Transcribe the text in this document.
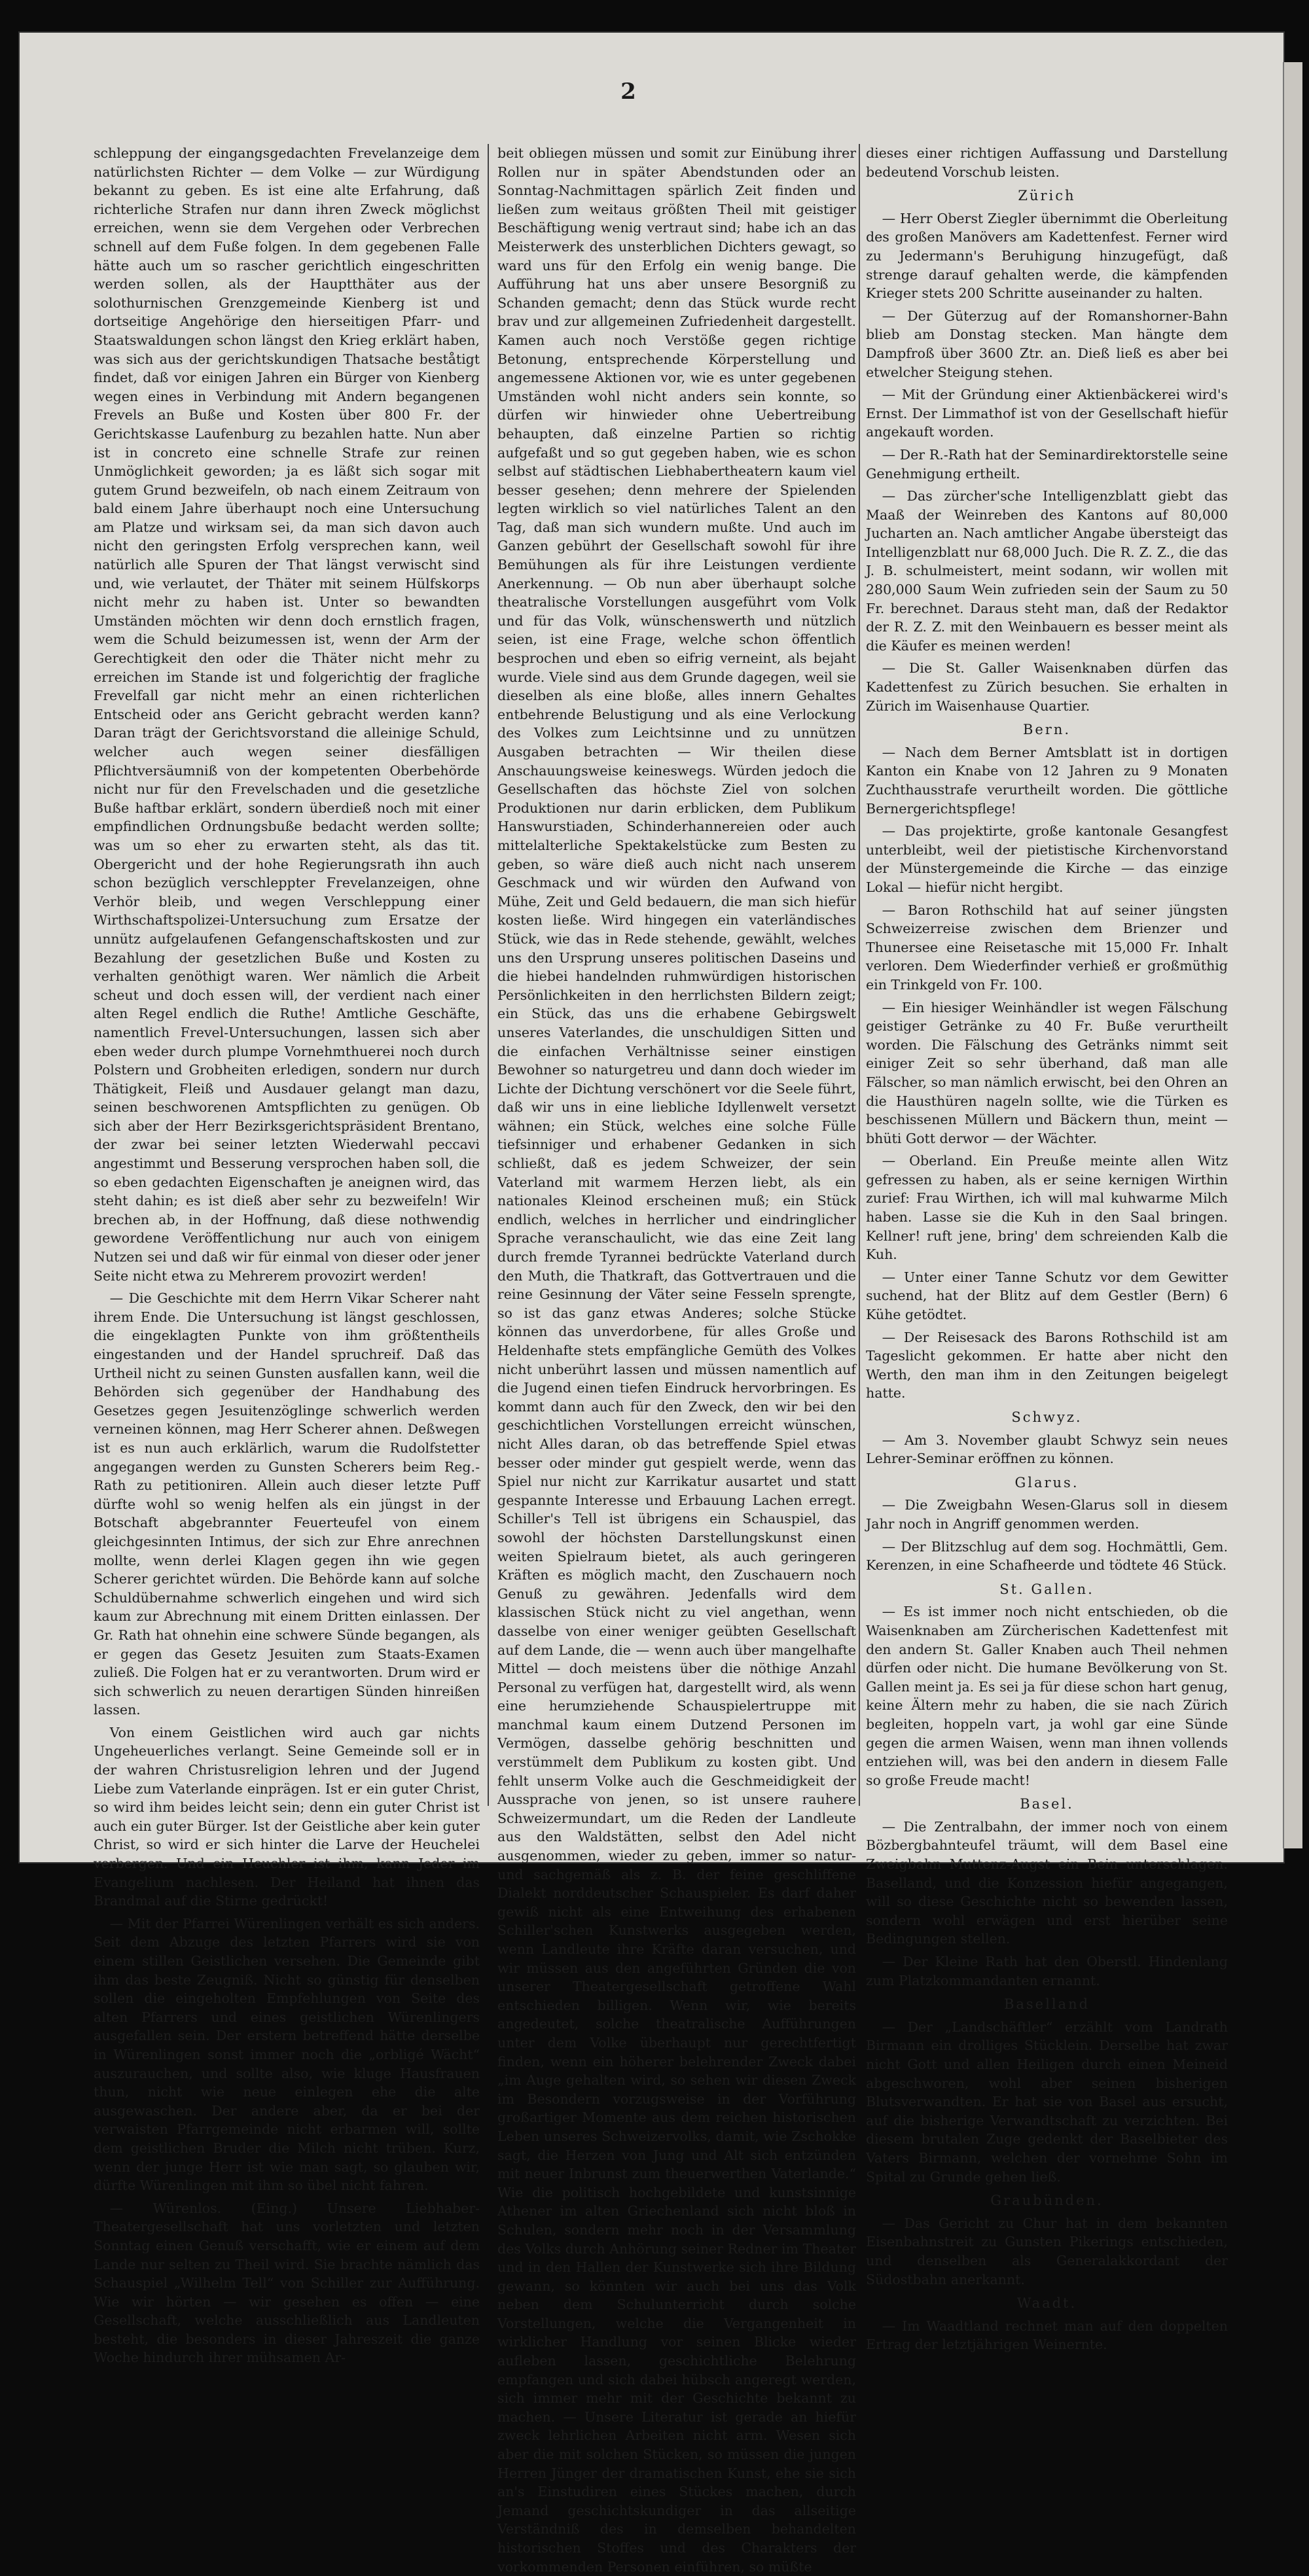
2

schleppung der eingangsgedachten Frevelanzeige dem natürlichsten Richter — dem Volke — zur Würdigung bekannt zu geben. Es ist eine alte Erfahrung, daß richterliche Strafen nur dann ihren Zweck möglichst erreichen, wenn sie dem Vergehen oder Verbrechen schnell auf dem Fuße folgen. In dem gegebenen Falle hätte auch um so rascher gerichtlich eingeschritten werden sollen, als der Hauptthäter aus der solothurnischen Grenzgemeinde Kienberg ist und dortseitige Angehörige den hierseitigen Pfarr- und Staatswaldungen schon längst den Krieg erklärt haben, was sich aus der gerichtskundigen Thatsache beståtigt findet, daß vor einigen Jahren ein Bürger von Kienberg wegen eines in Verbindung mit Andern begangenen Frevels an Buße und Kosten über 800 Fr. der Gerichtskasse Laufenburg zu bezahlen hatte. Nun aber ist in concreto eine schnelle Strafe zur reinen Unmöglichkeit geworden; ja es läßt sich sogar mit gutem Grund bezweifeln, ob nach einem Zeitraum von bald einem Jahre überhaupt noch eine Untersuchung am Platze und wirksam sei, da man sich davon auch nicht den geringsten Erfolg versprechen kann, weil natürlich alle Spuren der That längst verwischt sind und, wie verlautet, der Thäter mit seinem Hülfskorps nicht mehr zu haben ist. Unter so bewandten Umständen möchten wir denn doch ernstlich fragen, wem die Schuld beizumessen ist, wenn der Arm der Gerechtigkeit den oder die Thäter nicht mehr zu erreichen im Stande ist und folgerichtig der fragliche Frevelfall gar nicht mehr an einen richterlichen Entscheid oder ans Gericht gebracht werden kann? Daran trägt der Gerichtsvorstand die alleinige Schuld, welcher auch wegen seiner diesfälligen Pflichtversäumniß von der kompetenten Oberbehörde nicht nur für den Frevelschaden und die gesetzliche Buße haftbar erklärt, sondern überdieß noch mit einer empfindlichen Ordnungsbuße bedacht werden sollte; was um so eher zu erwarten steht, als das tit. Obergericht und der hohe Regierungsrath ihn auch schon bezüglich verschleppter Frevelanzeigen, ohne Verhör bleib, und wegen Verschleppung einer Wirthschaftspolizei-Untersuchung zum Ersatze der unnütz aufgelaufenen Gefangenschaftskosten und zur Bezahlung der gesetzlichen Buße und Kosten zu verhalten genöthigt waren. Wer nämlich die Arbeit scheut und doch essen will, der verdient nach einer alten Regel endlich die Ruthe! Amtliche Geschäfte, namentlich Frevel-Untersuchungen, lassen sich aber eben weder durch plumpe Vornehmthuerei noch durch Polstern und Grobheiten erledigen, sondern nur durch Thätigkeit, Fleiß und Ausdauer gelangt man dazu, seinen beschworenen Amtspflichten zu genügen. Ob sich aber der Herr Bezirksgerichtspräsident Brentano, der zwar bei seiner letzten Wiederwahl peccavi angestimmt und Besserung versprochen haben soll, die so eben gedachten Eigenschaften je aneignen wird, das steht dahin; es ist dieß aber sehr zu bezweifeln! Wir brechen ab, in der Hoffnung, daß diese nothwendig gewordene Veröffentlichung nur auch von einigem Nutzen sei und daß wir für einmal von dieser oder jener Seite nicht etwa zu Mehrerem provozirt werden!

— Die Geschichte mit dem Herrn Vikar Scherer naht ihrem Ende. Die Untersuchung ist längst geschlossen, die eingeklagten Punkte von ihm größtentheils eingestanden und der Handel spruchreif. Daß das Urtheil nicht zu seinen Gunsten ausfallen kann, weil die Behörden sich gegenüber der Handhabung des Gesetzes gegen Jesuitenzöglinge schwerlich werden verneinen können, mag Herr Scherer ahnen. Deßwegen ist es nun auch erklärlich, warum die Rudolfstetter angegangen werden zu Gunsten Scherers beim Reg.-Rath zu petitioniren. Allein auch dieser letzte Puff dürfte wohl so wenig helfen als ein jüngst in der Botschaft abgebrannter Feuerteufel von einem gleichgesinnten Intimus, der sich zur Ehre anrechnen mollte, wenn derlei Klagen gegen ihn wie gegen Scherer gerichtet würden. Die Behörde kann auf solche Schuldübernahme schwerlich eingehen und wird sich kaum zur Abrechnung mit einem Dritten einlassen. Der Gr. Rath hat ohnehin eine schwere Sünde begangen, als er gegen das Gesetz Jesuiten zum Staats-Examen zuließ. Die Folgen hat er zu verantworten. Drum wird er sich schwerlich zu neuen derartigen Sünden hinreißen lassen.

Von einem Geistlichen wird auch gar nichts Ungeheuerliches verlangt. Seine Gemeinde soll er in der wahren Christusreligion lehren und der Jugend Liebe zum Vaterlande einprägen. Ist er ein guter Christ, so wird ihm beides leicht sein; denn ein guter Christ ist auch ein guter Bürger. Ist der Geistliche aber kein guter Christ, so wird er sich hinter die Larve der Heuchelei verbergen. Und ein Heuchler ist ihm, kann Jeder im Evangelium nachlesen. Der Heiland hat ihnen das Brandmal auf die Stirne gedrückt!

— Mit der Pfarrei Würenlingen verhält es sich anders. Seit dem Abzuge des letzten Pfarrers wird sie von einem stillen Geistlichen versehen. Die Gemeinde gibt ihm das beste Zeugniß. Nicht so günstig für denselben sollen die eingeholten Empfehlungen von Seite des alten Pfarrers und eines geistlichen Würenlingers ausgefallen sein. Der erstern betreffend hätte derselbe in Würenlingen sonst immer noch die „orbligé Wächt“ auszurauchen, und sollte also, wie kluge Hausfrauen thun, nicht wie neue einlegen ehe die alte ausgewaschen. Der andere aber, da er bei der verwaisten Pfarrgemeinde nicht erbarmen will, sollte dem geistlichen Bruder die Milch nicht trüben. Kurz, wenn der junge Herr ist wie man sagt, so glauben wir, dürfte Würenlingen mit ihm so übel nicht fahren.

— Würenlos. (Eing.) Unsere Liebhaber-Theatergesellschaft hat uns vorletzten und letzten Sonntag einen Genuß verschafft, wie er einem auf dem Lande nur selten zu Theil wird. Sie brachte nämlich das Schauspiel „Wilhelm Tell“ von Schiller zur Aufführung. Wie wir hörten — wir gesehen es offen — eine Gesellschaft, welche ausschließlich aus Landleuten besteht, die besonders in dieser Jahreszeit die ganze Woche hindurch ihrer mühsamen Ar-

beit obliegen müssen und somit zur Einübung ihrer Rollen nur in später Abendstunden oder an Sonntag-Nachmittagen spärlich Zeit finden und ließen zum weitaus größten Theil mit geistiger Beschäftigung wenig vertraut sind; habe ich an das Meisterwerk des unsterblichen Dichters gewagt, so ward uns für den Erfolg ein wenig bange. Die Aufführung hat uns aber unsere Besorgniß zu Schanden gemacht; denn das Stück wurde recht brav und zur allgemeinen Zufriedenheit dargestellt. Kamen auch noch Verstöße gegen richtige Betonung, entsprechende Körperstellung und angemessene Aktionen vor, wie es unter gegebenen Umständen wohl nicht anders sein konnte, so dürfen wir hinwieder ohne Uebertreibung behaupten, daß einzelne Partien so richtig aufgefaßt und so gut gegeben haben, wie es schon selbst auf städtischen Liebhabertheatern kaum viel besser gesehen; denn mehrere der Spielenden legten wirklich so viel natürliches Talent an den Tag, daß man sich wundern mußte. Und auch im Ganzen gebührt der Gesellschaft sowohl für ihre Bemühungen als für ihre Leistungen verdiente Anerkennung. — Ob nun aber überhaupt solche theatralische Vorstellungen ausgeführt vom Volk und für das Volk, wünschenswerth und nützlich seien, ist eine Frage, welche schon öffentlich besprochen und eben so eifrig verneint, als bejaht wurde. Viele sind aus dem Grunde dagegen, weil sie dieselben als eine bloße, alles innern Gehaltes entbehrende Belustigung und als eine Verlockung des Volkes zum Leichtsinne und zu unnützen Ausgaben betrachten — Wir theilen diese Anschauungsweise keineswegs. Würden jedoch die Gesellschaften das höchste Ziel von solchen Produktionen nur darin erblicken, dem Publikum Hanswurstiaden, Schinderhannereien oder auch mittelalterliche Spektakelstücke zum Besten zu geben, so wäre dieß auch nicht nach unserem Geschmack und wir würden den Aufwand von Mühe, Zeit und Geld bedauern, die man sich hiefür kosten ließe. Wird hingegen ein vaterländisches Stück, wie das in Rede stehende, gewählt, welches uns den Ursprung unseres politischen Daseins und die hiebei handelnden ruhmwürdigen historischen Persönlichkeiten in den herrlichsten Bildern zeigt; ein Stück, das uns die erhabene Gebirgswelt unseres Vaterlandes, die unschuldigen Sitten und die einfachen Verhältnisse seiner einstigen Bewohner so naturgetreu und dann doch wieder im Lichte der Dichtung verschönert vor die Seele führt, daß wir uns in eine liebliche Idyllenwelt versetzt wähnen; ein Stück, welches eine solche Fülle tiefsinniger und erhabener Gedanken in sich schließt, daß es jedem Schweizer, der sein Vaterland mit warmem Herzen liebt, als ein nationales Kleinod erscheinen muß; ein Stück endlich, welches in herrlicher und eindringlicher Sprache veranschaulicht, wie das eine Zeit lang durch fremde Tyrannei bedrückte Vaterland durch den Muth, die Thatkraft, das Gottvertrauen und die reine Gesinnung der Väter seine Fesseln sprengte, so ist das ganz etwas Anderes; solche Stücke können das unverdorbene, für alles Große und Heldenhafte stets empfängliche Gemüth des Volkes nicht unberührt lassen und müssen namentlich auf die Jugend einen tiefen Eindruck hervorbringen. Es kommt dann auch für den Zweck, den wir bei den geschichtlichen Vorstellungen erreicht wünschen, nicht Alles daran, ob das betreffende Spiel etwas besser oder minder gut gespielt werde, wenn das Spiel nur nicht zur Karrikatur ausartet und statt gespannte Interesse und Erbauung Lachen erregt. Schiller's Tell ist übrigens ein Schauspiel, das sowohl der höchsten Darstellungskunst einen weiten Spielraum bietet, als auch geringeren Kräften es möglich macht, den Zuschauern noch Genuß zu gewähren. Jedenfalls wird dem klassischen Stück nicht zu viel angethan, wenn dasselbe von einer weniger geübten Gesellschaft auf dem Lande, die — wenn auch über mangelhafte Mittel — doch meistens über die nöthige Anzahl Personal zu verfügen hat, dargestellt wird, als wenn eine herumziehende Schauspielertruppe mit manchmal kaum einem Dutzend Personen im Vermögen, dasselbe gehörig beschnitten und verstümmelt dem Publikum zu kosten gibt. Und fehlt unserm Volke auch die Geschmeidigkeit der Aussprache von jenen, so ist unsere rauhere Schweizermundart, um die Reden der Landleute aus den Waldstätten, selbst den Adel nicht ausgenommen, wieder zu geben, immer so natur- und sachgemäß als z. B. der feine geschliffene Dialekt norddeutscher Schauspieler. Es darf daher gewiß nicht als eine Entweihung des erhabenen Schiller'schen Kunstwerks ausgegeben werden, wenn Landleute ihre Kräfte daran versuchen, und wir müssen aus den angeführten Gründen die von unserer Theatergesellschaft getroffene Wahl entschieden billigen. Wenn wir, wie bereits angedeutet, solche theatralische Aufführungen unter dem Volke überhaupt nur gerechtfertigt finden, wenn ein höherer belehrender Zweck dabei „im Auge gehalten wird, so sehen wir diesen Zweck im Besondern vorzugsweise in der Vorführung großartiger Momente aus dem reichen historischen Leben unseres Schweizervolks, damit, wie Zschokke sagt, die Herzen von Jung und Alt sich entzünden mit neuer Inbrunst zum theuerwerthen Vaterlande.“ Wie die politisch hochgebildete und kunstsinnige Athener im alten Griechenland sich nicht bloß in Schulen, sondern mehr noch in der Versammlung des Volks durch Anhörung seiner Redner im Theater und in den Hallen der Kunstwerke sich ihre Bildung gewann, so könnten wir auch bei uns das Volk neben dem Schulunterricht durch solche Vorstellungen, welche die Vergangenheit in wirklicher Handlung vor seinen Blicke wieder aufleben lassen, geschichtliche Belehrung empfangen und sich dabei hübsch angeregt werden, sich immer mehr mit der Geschichte bekannt zu machen. — Unsere Literatur ist gerade an hiefür zweck lehrlichen Arbeiten nicht arm. Wesen sich aber die mit solchen Stücken, so müssen die jungen Herren Jünger der dramatischen Kunst, ehe sie sich an's Einstudiren eines Stückes machen, durch Jemand geschichtskundiger in das allseitige Verständniß des in demselben behandelten historischen Stoffes und des Charakters der vorkommenden Personen einführen, so müßte

dieses einer richtigen Auffassung und Darstellung bedeutend Vorschub leisten.

Zürich

— Herr Oberst Ziegler übernimmt die Oberleitung des großen Manövers am Kadettenfest. Ferner wird zu Jedermann's Beruhigung hinzugefügt, daß strenge darauf gehalten werde, die kämpfenden Krieger stets 200 Schritte auseinander zu halten.

— Der Güterzug auf der Romanshorner-Bahn blieb am Donstag stecken. Man hängte dem Dampfroß über 3600 Ztr. an. Dieß ließ es aber bei etwelcher Steigung stehen.

— Mit der Gründung einer Aktienbäckerei wird's Ernst. Der Limmathof ist von der Gesellschaft hiefür angekauft worden.

— Der R.-Rath hat der Seminardirektorstelle seine Genehmigung ertheilt.

— Das zürcher'sche Intelligenzblatt giebt das Maaß der Weinreben des Kantons auf 80,000 Jucharten an. Nach amtlicher Angabe übersteigt das Intelligenzblatt nur 68,000 Juch. Die R. Z. Z., die das J. B. schulmeistert, meint sodann, wir wollen mit 280,000 Saum Wein zufrieden sein der Saum zu 50 Fr. berechnet. Daraus steht man, daß der Redaktor der R. Z. Z. mit den Weinbauern es besser meint als die Käufer es meinen werden!

— Die St. Galler Waisenknaben dürfen das Kadettenfest zu Zürich besuchen. Sie erhalten in Zürich im Waisenhause Quartier.

Bern.

— Nach dem Berner Amtsblatt ist in dortigen Kanton ein Knabe von 12 Jahren zu 9 Monaten Zuchthausstrafe verurtheilt worden. Die göttliche Bernergerichtspflege!

— Das projektirte, große kantonale Gesangfest unterbleibt, weil der pietistische Kirchenvorstand der Münstergemeinde die Kirche — das einzige Lokal — hiefür nicht hergibt.

— Baron Rothschild hat auf seiner jüngsten Schweizerreise zwischen dem Brienzer und Thunersee eine Reisetasche mit 15,000 Fr. Inhalt verloren. Dem Wiederfinder verhieß er großmüthig ein Trinkgeld von Fr. 100.

— Ein hiesiger Weinhändler ist wegen Fälschung geistiger Getränke zu 40 Fr. Buße verurtheilt worden. Die Fälschung des Getränks nimmt seit einiger Zeit so sehr überhand, daß man alle Fälscher, so man nämlich erwischt, bei den Ohren an die Hausthüren nageln sollte, wie die Türken es beschissenen Müllern und Bäckern thun, meint — bhüti Gott derwor — der Wächter.

— Oberland. Ein Preuße meinte allen Witz gefressen zu haben, als er seine kernigen Wirthin zurief: Frau Wirthen, ich will mal kuhwarme Milch haben. Lasse sie die Kuh in den Saal bringen. Kellner! ruft jene, bring' dem schreienden Kalb die Kuh.

— Unter einer Tanne Schutz vor dem Gewitter suchend, hat der Blitz auf dem Gestler (Bern) 6 Kühe getödtet.

— Der Reisesack des Barons Rothschild ist am Tageslicht gekommen. Er hatte aber nicht den Werth, den man ihm in den Zeitungen beigelegt hatte.

Schwyz.

— Am 3. November glaubt Schwyz sein neues Lehrer-Seminar eröffnen zu können.

Glarus.

— Die Zweigbahn Wesen-Glarus soll in diesem Jahr noch in Angriff genommen werden.

— Der Blitzschlug auf dem sog. Hochmättli, Gem. Kerenzen, in eine Schafheerde und tödtete 46 Stück.

St. Gallen.

— Es ist immer noch nicht entschieden, ob die Waisenknaben am Zürcherischen Kadettenfest mit den andern St. Galler Knaben auch Theil nehmen dürfen oder nicht. Die humane Bevölkerung von St. Gallen meint ja. Es sei ja für diese schon hart genug, keine Ältern mehr zu haben, die sie nach Zürich begleiten, hoppeln vart, ja wohl gar eine Sünde gegen die armen Waisen, wenn man ihnen vollends entziehen will, was bei den andern in diesem Falle so große Freude macht!

Basel.

— Die Zentralbahn, der immer noch von einem Bözbergbahnteufel träumt, will dem Basel eine Zweigbahn Muttenz-Augst ein Bein unterschlagen. Baselland, und die Konzession hiefür angegangen, will so diese Geschichte nicht so bewenden lassen, sondern wohl erwägen und erst hierüber seine Bedingungen stellen.

— Der Kleine Rath hat den Oberstl. Hindenlang zum Platzkommandanten ernannt.

Baselland

— Der „Landschäftler“ erzählt vom Landrath Birmann ein drolliges Stücklein. Derselbe hat zwar nicht Gott und allen Heiligen durch einen Meineid abgeschworen, wohl aber seinen bisherigen Blutsverwandten. Er hat sie von Basel aus ersucht, auf die bisherige Verwandtschaft zu verzichten. Bei diesem brutalen Zuge gedenkt der Baselbieter des Vaters Birmann, welchen der vornehme Sohn im Spital zu Grunde gehen ließ.

Graubünden.

— Das Gericht zu Chur hat in dem bekannten Eisenbahnstreit zu Gunsten Pikerings entschieden, und denselben als Generalakkordant der Südostbahn anerkannt.

Waadt.

— Im Waadtland rechnet man auf den doppelten Ertrag der letztjährigen Weinernte.
